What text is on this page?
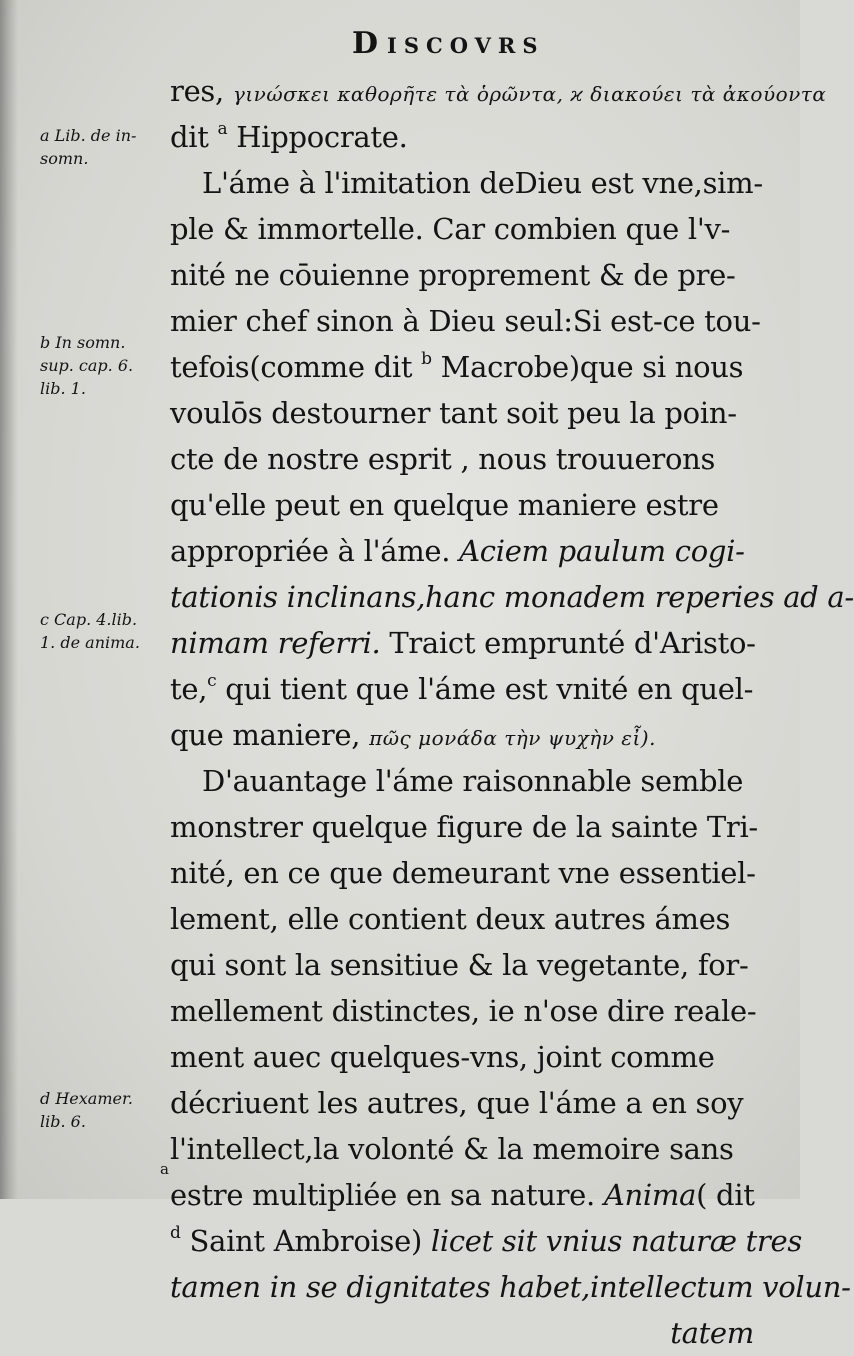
DISCOVRS
res, γινώσκει καθορῆτε τὰ ὁρῶντα, ϰ διακούει τὰ ἀκούοντα
dit $^a$ Hippocrate.
L'áme à l'imitation deDieu est vne,sim-
ple & immortelle. Car combien que l'v-
nité ne cōuienne proprement & de pre-
mier chef sinon à Dieu seul:Si est-ce tou-
tefois(comme dit $^b$ Macrobe)que si nous
voulōs destourner tant soit peu la poin-
cte de nostre esprit , nous trouuerons
qu'elle peut en quelque maniere estre
appropriée à l'áme. Aciem paulum cogi-
tationis inclinans,hanc monadem reperies ad a-
nimam referri. Traict emprunté d'Aristo-
te,$^c$ qui tient que l'áme est vnité en quel-
que maniere, πῶς μονάδα τὴν ψυχὴν εἶ).
D'auantage l'áme raisonnable semble
monstrer quelque figure de la sainte Tri-
nité, en ce que demeurant vne essentiel-
lement, elle contient deux autres ámes
qui sont la sensitiue & la vegetante, for-
mellement distinctes, ie n'ose dire reale-
ment auec quelques-vns, joint comme
décriuent les autres, que l'áme a en soy
l'intellect,la volonté & la memoire sans
estre multipliée en sa nature. Anima( dit
$^d$ Saint Ambroise) licet sit vnius naturæ tres
tamen in se dignitates habet,intellectum volun-
tatem
a Lib. de in-
somn.
b In somn.
sup. cap. 6.
lib. 1.
c Cap. 4.lib.
1. de anima.
d Hexamer.
lib. 6.
a
